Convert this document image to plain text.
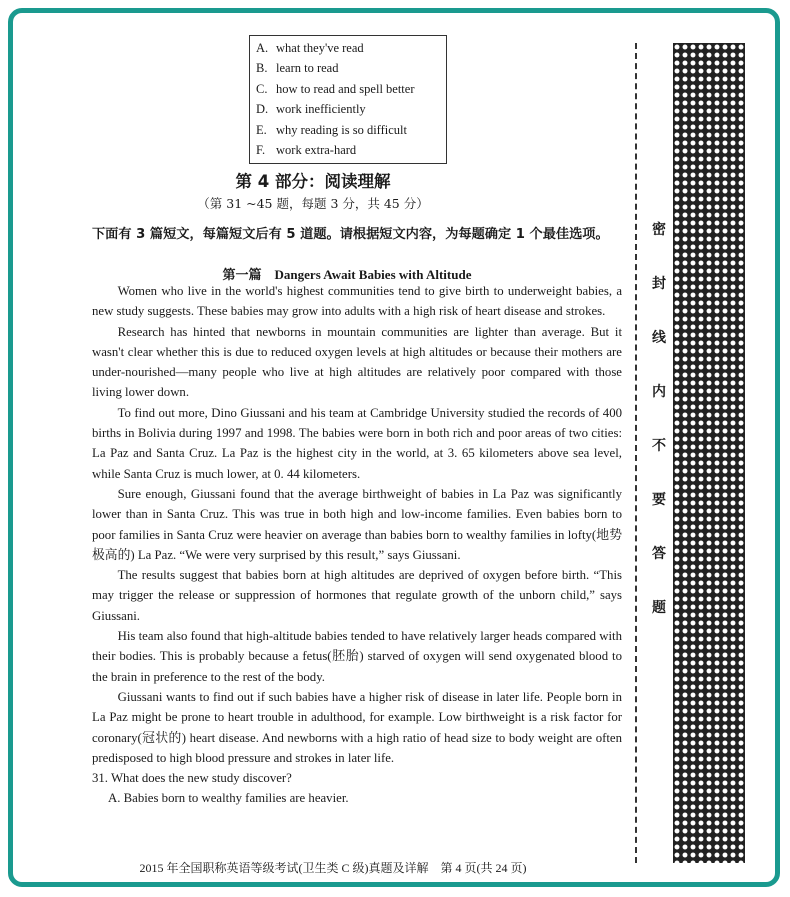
A. what they've read
B. learn to read
C. how to read and spell better
D. work inefficiently
E. why reading is so difficult
F. work extra-hard
第 4 部分：阅读理解
（第 31 ~45 题，每题 3 分，共 45 分）
下面有 3 篇短文，每篇短文后有 5 道题。请根据短文内容，为每题确定 1 个最佳选项。
第一篇　Dangers Await Babies with Altitude

Women who live in the world's highest communities tend to give birth to underweight babies, a new study suggests. These babies may grow into adults with a high risk of heart disease and strokes.

Research has hinted that newborns in mountain communities are lighter than average. But it wasn't clear whether this is due to reduced oxygen levels at high altitudes or because their mothers are under-nourished—many people who live at high altitudes are relatively poor compared with those living lower down.

To find out more, Dino Giussani and his team at Cambridge University studied the records of 400 births in Bolivia during 1997 and 1998. The babies were born in both rich and poor areas of two cities: La Paz and Santa Cruz. La Paz is the highest city in the world, at 3. 65 kilometers above sea level, while Santa Cruz is much lower, at 0. 44 kilometers.

Sure enough, Giussani found that the average birthweight of babies in La Paz was significantly lower than in Santa Cruz. This was true in both high and low-income families. Even babies born to poor families in Santa Cruz were heavier on average than babies born to wealthy families in lofty(地势极高的) La Paz. “We were very surprised by this result,” says Giussani.

The results suggest that babies born at high altitudes are deprived of oxygen before birth. “This may trigger the release or suppression of hormones that regulate growth of the unborn child,” says Giussani.

His team also found that high-altitude babies tended to have relatively larger heads compared with their bodies. This is probably because a fetus(胚胎) starved of oxygen will send oxygenated blood to the brain in preference to the rest of the body.

Giussani wants to find out if such babies have a higher risk of disease in later life. People born in La Paz might be prone to heart trouble in adulthood, for example. Low birthweight is a risk factor for coronary(冠状的) heart disease. And newborns with a high ratio of head size to body weight are often predisposed to high blood pressure and strokes in later life.

31. What does the new study discover?
A. Babies born to wealthy families are heavier.
2015 年全国职称英语等级考试(卫生类 C 级)真题及详解　第 4 页(共 24 页)
密
封
线
内
不
要
答
题
